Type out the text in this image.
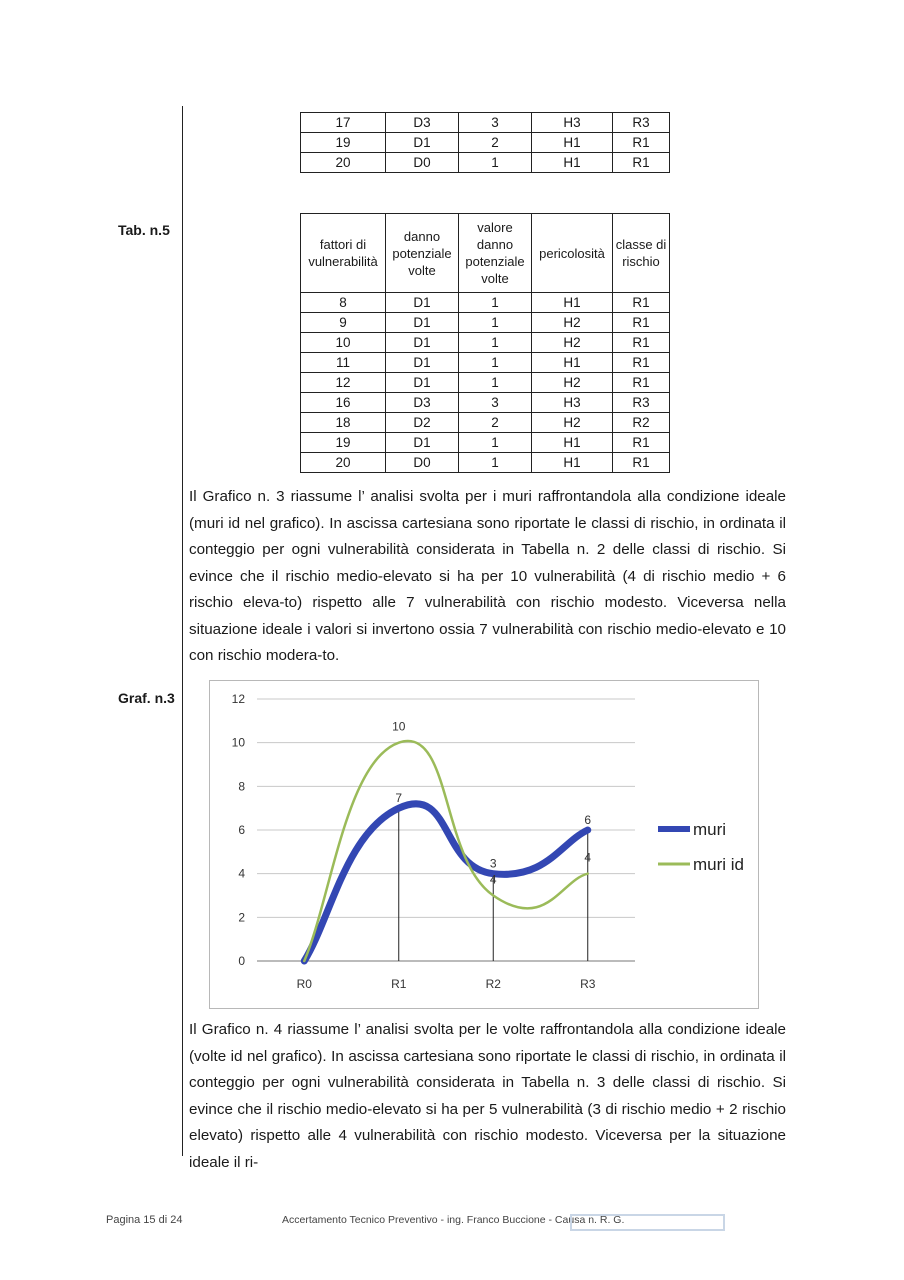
Tab. n.5
Graf. n.3
17	D3	3	H3	R3
19	D1	2	H1	R1
20	D0	1	H1	R1
fattori di vulnerabilità	danno potenziale volte	valore danno potenziale volte	pericolosità	classe di rischio
8	D1	1	H1	R1
9	D1	1	H2	R1
10	D1	1	H2	R1
11	D1	1	H1	R1
12	D1	1	H2	R1
16	D3	3	H3	R3
18	D2	2	H2	R2
19	D1	1	H1	R1
20	D0	1	H1	R1
Il Grafico n. 3 riassume l’ analisi svolta per i muri raffrontandola alla condizione ideale (muri id nel grafico). In ascissa cartesiana sono riportate le classi di rischio, in ordinata il conteggio per ogni vulnerabilità considerata in Tabella n. 2 delle classi di rischio. Si evince che il rischio medio-elevato si ha per 10 vulnerabilità (4 di rischio medio + 6 rischio eleva-to) rispetto alle 7 vulnerabilità con rischio modesto. Viceversa nella situazione ideale i valori si invertono ossia 7 vulnerabilità con rischio medio-elevato e 10 con rischio modera-to.
0
2
4
6
8
10
12
R0	R1	R2	R3
7
3
6
10
4
4
muri
muri id
Il Grafico n. 4 riassume l’ analisi svolta per le volte raffrontandola alla condizione ideale (volte id nel grafico). In ascissa cartesiana sono riportate le classi di rischio, in ordinata il conteggio per ogni vulnerabilità considerata in Tabella n. 3 delle classi di rischio. Si evince che il rischio medio-elevato si ha per 5 vulnerabilità (3 di rischio medio + 2 rischio elevato) rispetto alle 4 vulnerabilità con rischio modesto. Viceversa per la situazione ideale il ri-
Pagina 15 di 24	Accertamento Tecnico Preventivo - ing. Franco Buccione - Causa n. R. G.
